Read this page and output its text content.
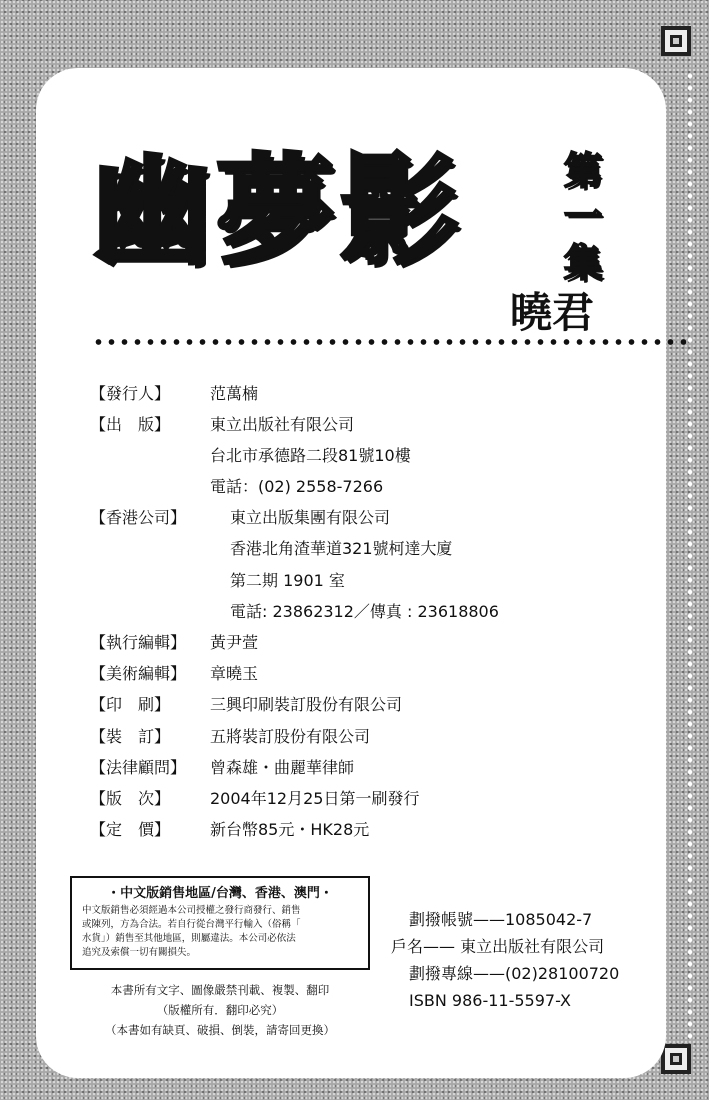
幽夢影	第
一
集
曉君
【發行人】	范萬楠
【出　版】	東立出版社有限公司
台北市承德路二段81號10樓
電話：(02) 2558-7266
【香港公司】	東立出版集團有限公司
香港北角渣華道321號柯達大廈
第二期 1901 室
電話: 23862312／傳真 : 23618806
【執行編輯】	黃尹萱
【美術編輯】	章曉玉
【印　刷】	三興印刷裝訂股份有限公司
【裝　訂】	五將裝訂股份有限公司
【法律顧問】	曾森雄・曲麗華律師
【版　次】	2004年12月25日第一刷發行
【定　價】	新台幣85元・HK28元
・中文版銷售地區/台灣、香港、澳門・
中文版銷售必須經過本公司授權之發行商發行、銷售
或陳列，方為合法。若自行從台灣平行輸入（俗稱「
水貨」）銷售至其他地區，則屬違法。本公司必依法
追究及索償一切有關損失。
本書所有文字、圖像嚴禁刊載、複製、翻印
（版權所有．翻印必究）
（本書如有缺頁、破損、倒裝，請寄回更換）
劃撥帳號——1085042-7
戶名—— 東立出版社有限公司
劃撥專線——(02)28100720
ISBN 986-11-5597-X
